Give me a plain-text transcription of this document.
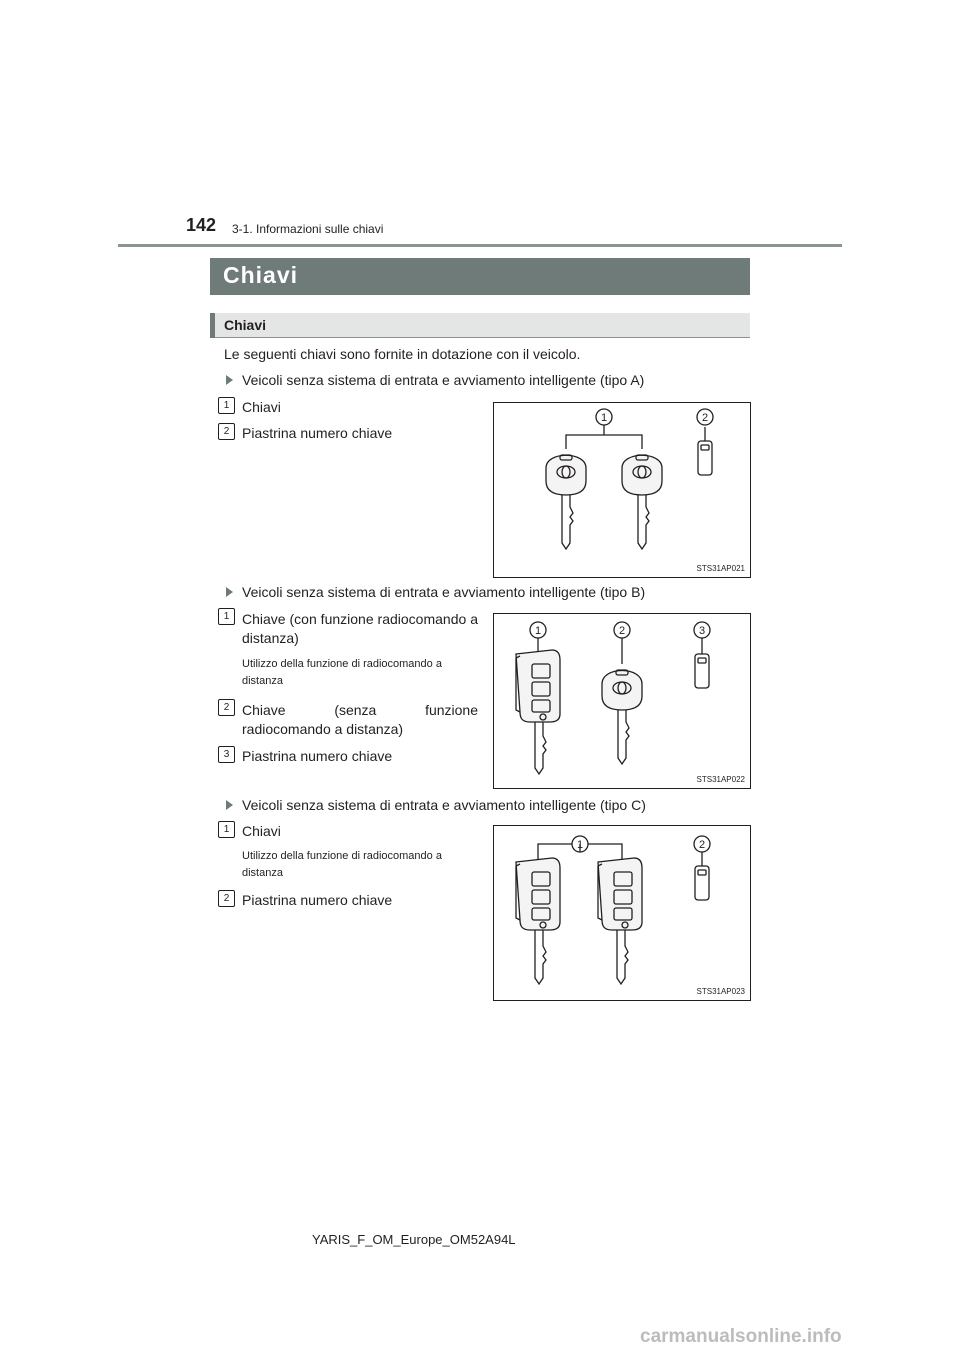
142 3-1. Informazioni sulle chiavi
Chiavi
Chiavi
Le seguenti chiavi sono fornite in dotazione con il veicolo.
Veicoli senza sistema di entrata e avviamento intelligente (tipo A)
1 Chiavi
2 Piastrina numero chiave
1	2
STS31AP021
Veicoli senza sistema di entrata e avviamento intelligente (tipo B)
1 Chiave (con funzione radiocomando a distanza)
Utilizzo della funzione di radiocomando a distanza
2 Chiave (senza funzione radiocomando a distanza)
3 Piastrina numero chiave
1	2	3
STS31AP022
Veicoli senza sistema di entrata e avviamento intelligente (tipo C)
1 Chiavi
Utilizzo della funzione di radiocomando a distanza
2 Piastrina numero chiave
1	2
STS31AP023
YARIS_F_OM_Europe_OM52A94L
carmanualsonline.info
